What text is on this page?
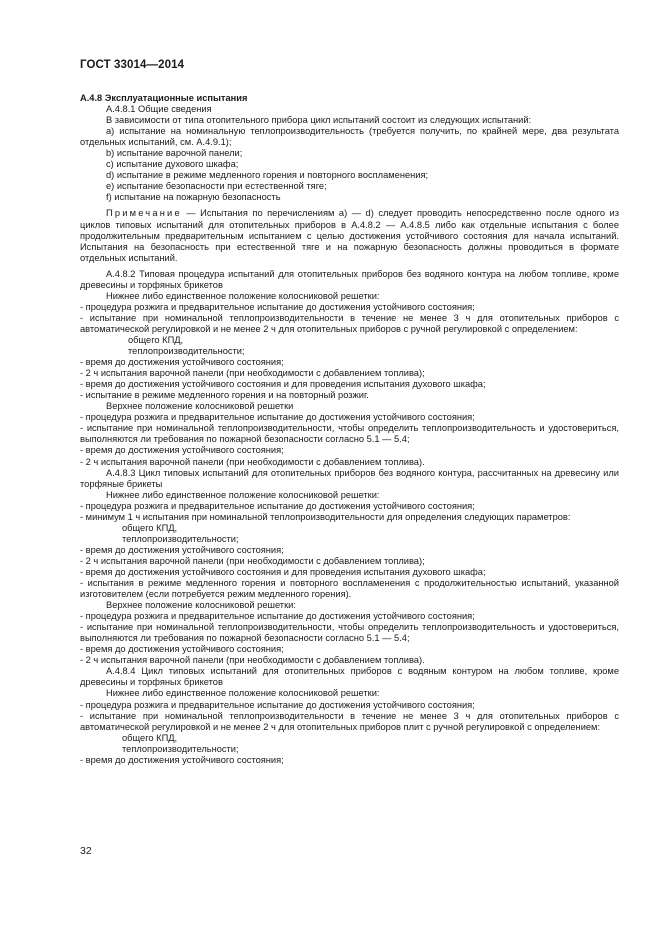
ГОСТ 33014—2014

А.4.8 Эксплуатационные испытания

А.4.8.1 Общие сведения

В зависимости от типа отопительного прибора цикл испытаний состоит из следующих испытаний:

a) испытание на номинальную теплопроизводительность (требуется получить, по крайней мере, два результата отдельных испытаний, см. А.4.9.1);

b) испытание варочной панели;

c) испытание духового шкафа;

d) испытание в режиме медленного горения и повторного воспламенения;

e) испытание безопасности при естественной тяге;

f) испытание на пожарную безопасность

Примечание — Испытания по перечислениям a) — d) следует проводить непосредственно после одного из циклов типовых испытаний для отопительных приборов в А.4.8.2 — А.4.8.5 либо как отдельные испытания с более продолжительным предварительным испытанием с целью достижения устойчивого состояния для начала испытаний. Испытания на безопасность при естественной тяге и на пожарную безопасность должны проводиться в формате отдельных испытаний.

А.4.8.2 Типовая процедура испытаний для отопительных приборов без водяного контура на любом топливе, кроме древесины и торфяных брикетов

Нижнее либо единственное положение колосниковой решетки:

- процедура розжига и предварительное испытание до достижения устойчивого состояния;

- испытание при номинальной теплопроизводительности в течение не менее 3 ч для отопительных приборов с автоматической регулировкой и не менее 2 ч для отопительных приборов с ручной регулировкой с определением:

общего КПД,

теплопроизводительности;

- время до достижения устойчивого состояния;

- 2 ч испытания варочной панели (при необходимости с добавлением топлива);

- время до достижения устойчивого состояния и для проведения испытания духового шкафа;

- испытание в режиме медленного горения и на повторный розжиг.

Верхнее положение колосниковой решетки

- процедура розжига и предварительное испытание до достижения устойчивого состояния;

- испытание при номинальной теплопроизводительности, чтобы определить теплопроизводительность и удостовериться, выполняются ли требования по пожарной безопасности согласно 5.1 — 5.4;

- время до достижения устойчивого состояния;

- 2 ч испытания варочной панели (при необходимости с добавлением топлива).

А.4.8.3 Цикл типовых испытаний для отопительных приборов без водяного контура, рассчитанных на древесину или торфяные брикеты

Нижнее либо единственное положение колосниковой решетки:

- процедура розжига и предварительное испытание до достижения устойчивого состояния;

- минимум 1 ч испытания при номинальной теплопроизводительности для определения следующих параметров:

общего КПД,

теплопроизводительности;

- время до достижения устойчивого состояния;

- 2 ч испытания варочной панели (при необходимости с добавлением топлива);

- время до достижения устойчивого состояния и для проведения испытания духового шкафа;

- испытания в режиме медленного горения и повторного воспламенения с продолжительностью испытаний, указанной изготовителем (если потребуется режим медленного горения).

Верхнее положение колосниковой решетки:

- процедура розжига и предварительное испытание до достижения устойчивого состояния;

- испытание при номинальной теплопроизводительности, чтобы определить теплопроизводительность и удостовериться, выполняются ли требования по пожарной безопасности согласно 5.1 — 5.4;

- время до достижения устойчивого состояния;

- 2 ч испытания варочной панели (при необходимости с добавлением топлива).

А.4.8.4 Цикл типовых испытаний для отопительных приборов с водяным контуром на любом топливе, кроме древесины и торфяных брикетов

Нижнее либо единственное положение колосниковой решетки:

- процедура розжига и предварительное испытание до достижения устойчивого состояния;

- испытание при номинальной теплопроизводительности в течение не менее 3 ч для отопительных приборов с автоматической регулировкой и не менее 2 ч для отопительных приборов плит с ручной регулировкой с определением:

общего КПД,

теплопроизводительности;

- время до достижения устойчивого состояния;

32
